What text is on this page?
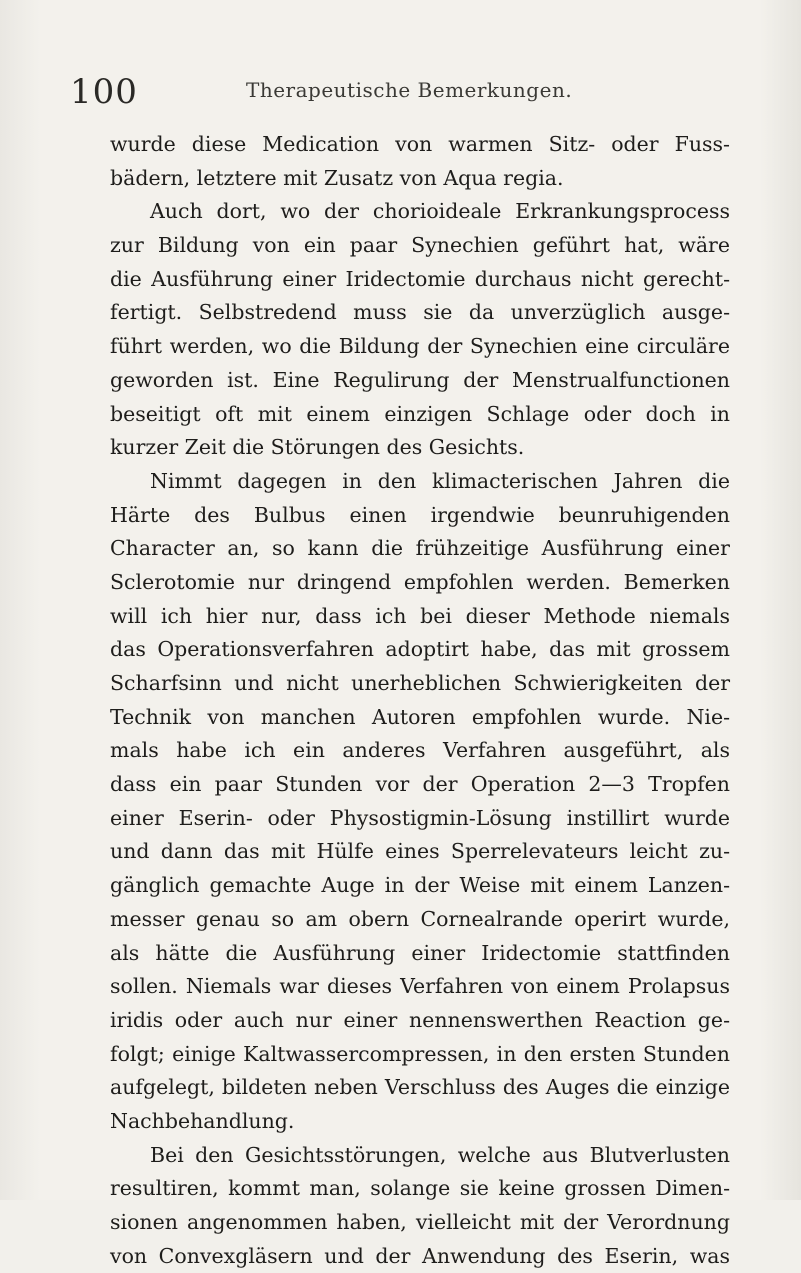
100	Therapeutische Bemerkungen.
wurde diese Medication von warmen Sitz- oder Fuss-
bädern, letztere mit Zusatz von Aqua regia.
Auch dort, wo der chorioideale Erkrankungsprocess
zur Bildung von ein paar Synechien geführt hat, wäre
die Ausführung einer Iridectomie durchaus nicht gerecht-
fertigt. Selbstredend muss sie da unverzüglich ausge-
führt werden, wo die Bildung der Synechien eine circuläre
geworden ist. Eine Regulirung der Menstrualfunctionen
beseitigt oft mit einem einzigen Schlage oder doch in
kurzer Zeit die Störungen des Gesichts.
Nimmt dagegen in den klimacterischen Jahren die
Härte des Bulbus einen irgendwie beunruhigenden
Character an, so kann die frühzeitige Ausführung einer
Sclerotomie nur dringend empfohlen werden. Bemerken
will ich hier nur, dass ich bei dieser Methode niemals
das Operationsverfahren adoptirt habe, das mit grossem
Scharfsinn und nicht unerheblichen Schwierigkeiten der
Technik von manchen Autoren empfohlen wurde. Nie-
mals habe ich ein anderes Verfahren ausgeführt, als
dass ein paar Stunden vor der Operation 2—3 Tropfen
einer Eserin- oder Physostigmin-Lösung instillirt wurde
und dann das mit Hülfe eines Sperrelevateurs leicht zu-
gänglich gemachte Auge in der Weise mit einem Lanzen-
messer genau so am obern Cornealrande operirt wurde,
als hätte die Ausführung einer Iridectomie stattfinden
sollen. Niemals war dieses Verfahren von einem Prolapsus
iridis oder auch nur einer nennenswerthen Reaction ge-
folgt; einige Kaltwassercompressen, in den ersten Stunden
aufgelegt, bildeten neben Verschluss des Auges die einzige
Nachbehandlung.
Bei den Gesichtsstörungen, welche aus Blutverlusten
resultiren, kommt man, solange sie keine grossen Dimen-
sionen angenommen haben, vielleicht mit der Verordnung
von Convexgläsern und der Anwendung des Eserin, was
